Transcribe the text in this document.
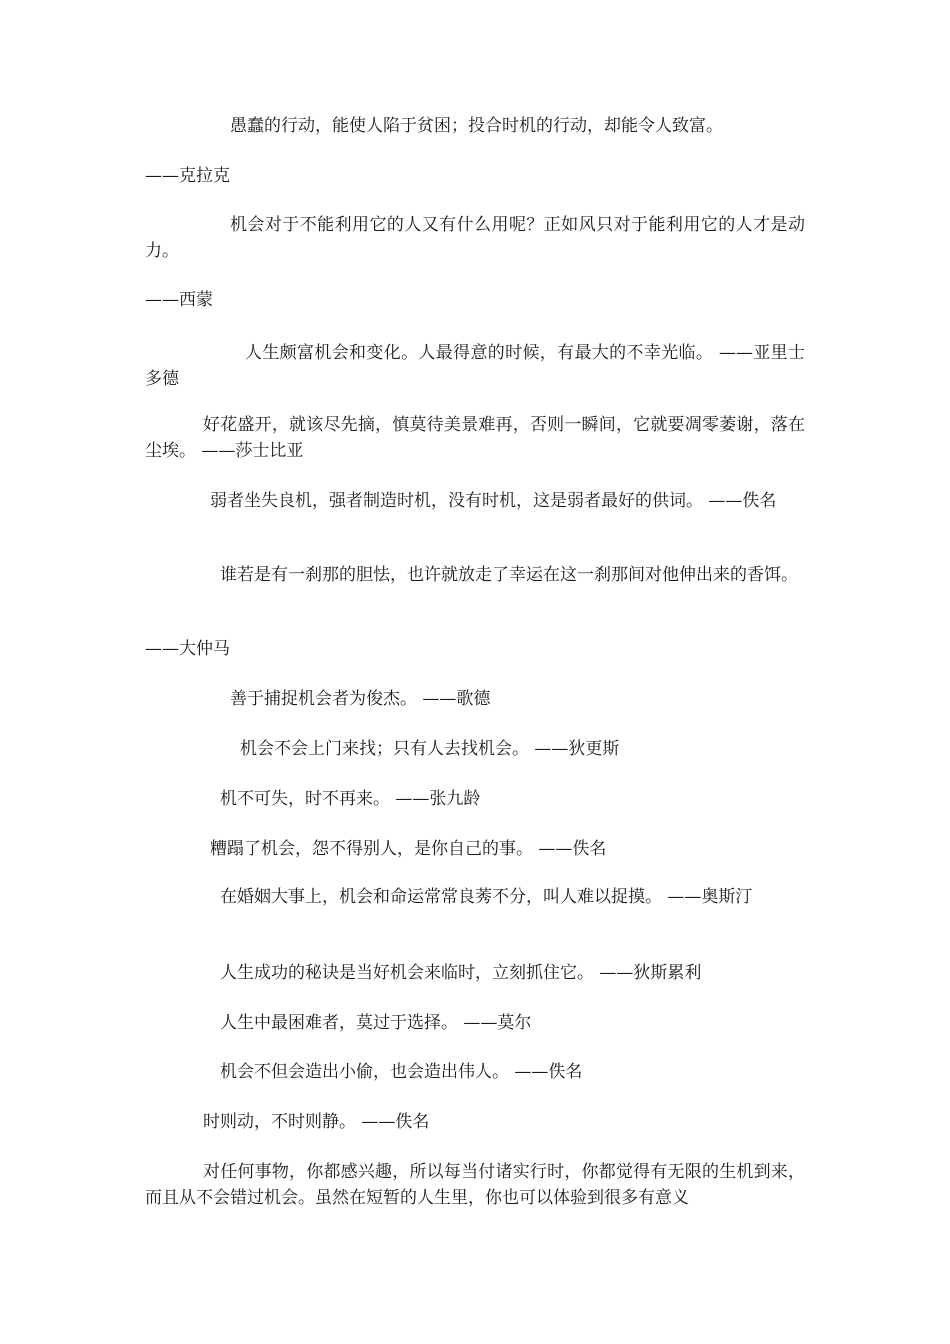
愚蠢的行动，能使人陷于贫困；投合时机的行动，却能令人致富。

——克拉克

机会对于不能利用它的人又有什么用呢？正如风只对于能利用它的人才是动力。

——西蒙

人生颇富机会和变化。人最得意的时候，有最大的不幸光临。 ——亚里士多德

好花盛开，就该尽先摘，慎莫待美景难再，否则一瞬间，它就要凋零萎谢，落在尘埃。 ——莎士比亚

弱者坐失良机，强者制造时机，没有时机，这是弱者最好的供词。 ——佚名

谁若是有一刹那的胆怯，也许就放走了幸运在这一刹那间对他伸出来的香饵。

——大仲马

善于捕捉机会者为俊杰。 ——歌德

机会不会上门来找；只有人去找机会。 ——狄更斯

机不可失，时不再来。 ——张九龄

糟蹋了机会，怨不得别人，是你自己的事。 ——佚名

在婚姻大事上，机会和命运常常良莠不分，叫人难以捉摸。 ——奥斯汀

人生成功的秘诀是当好机会来临时，立刻抓住它。 ——狄斯累利

人生中最困难者，莫过于选择。 ——莫尔

机会不但会造出小偷，也会造出伟人。 ——佚名

时则动，不时则静。 ——佚名

对任何事物，你都感兴趣，所以每当付诸实行时，你都觉得有无限的生机到来，而且从不会错过机会。虽然在短暂的人生里，你也可以体验到很多有意义
